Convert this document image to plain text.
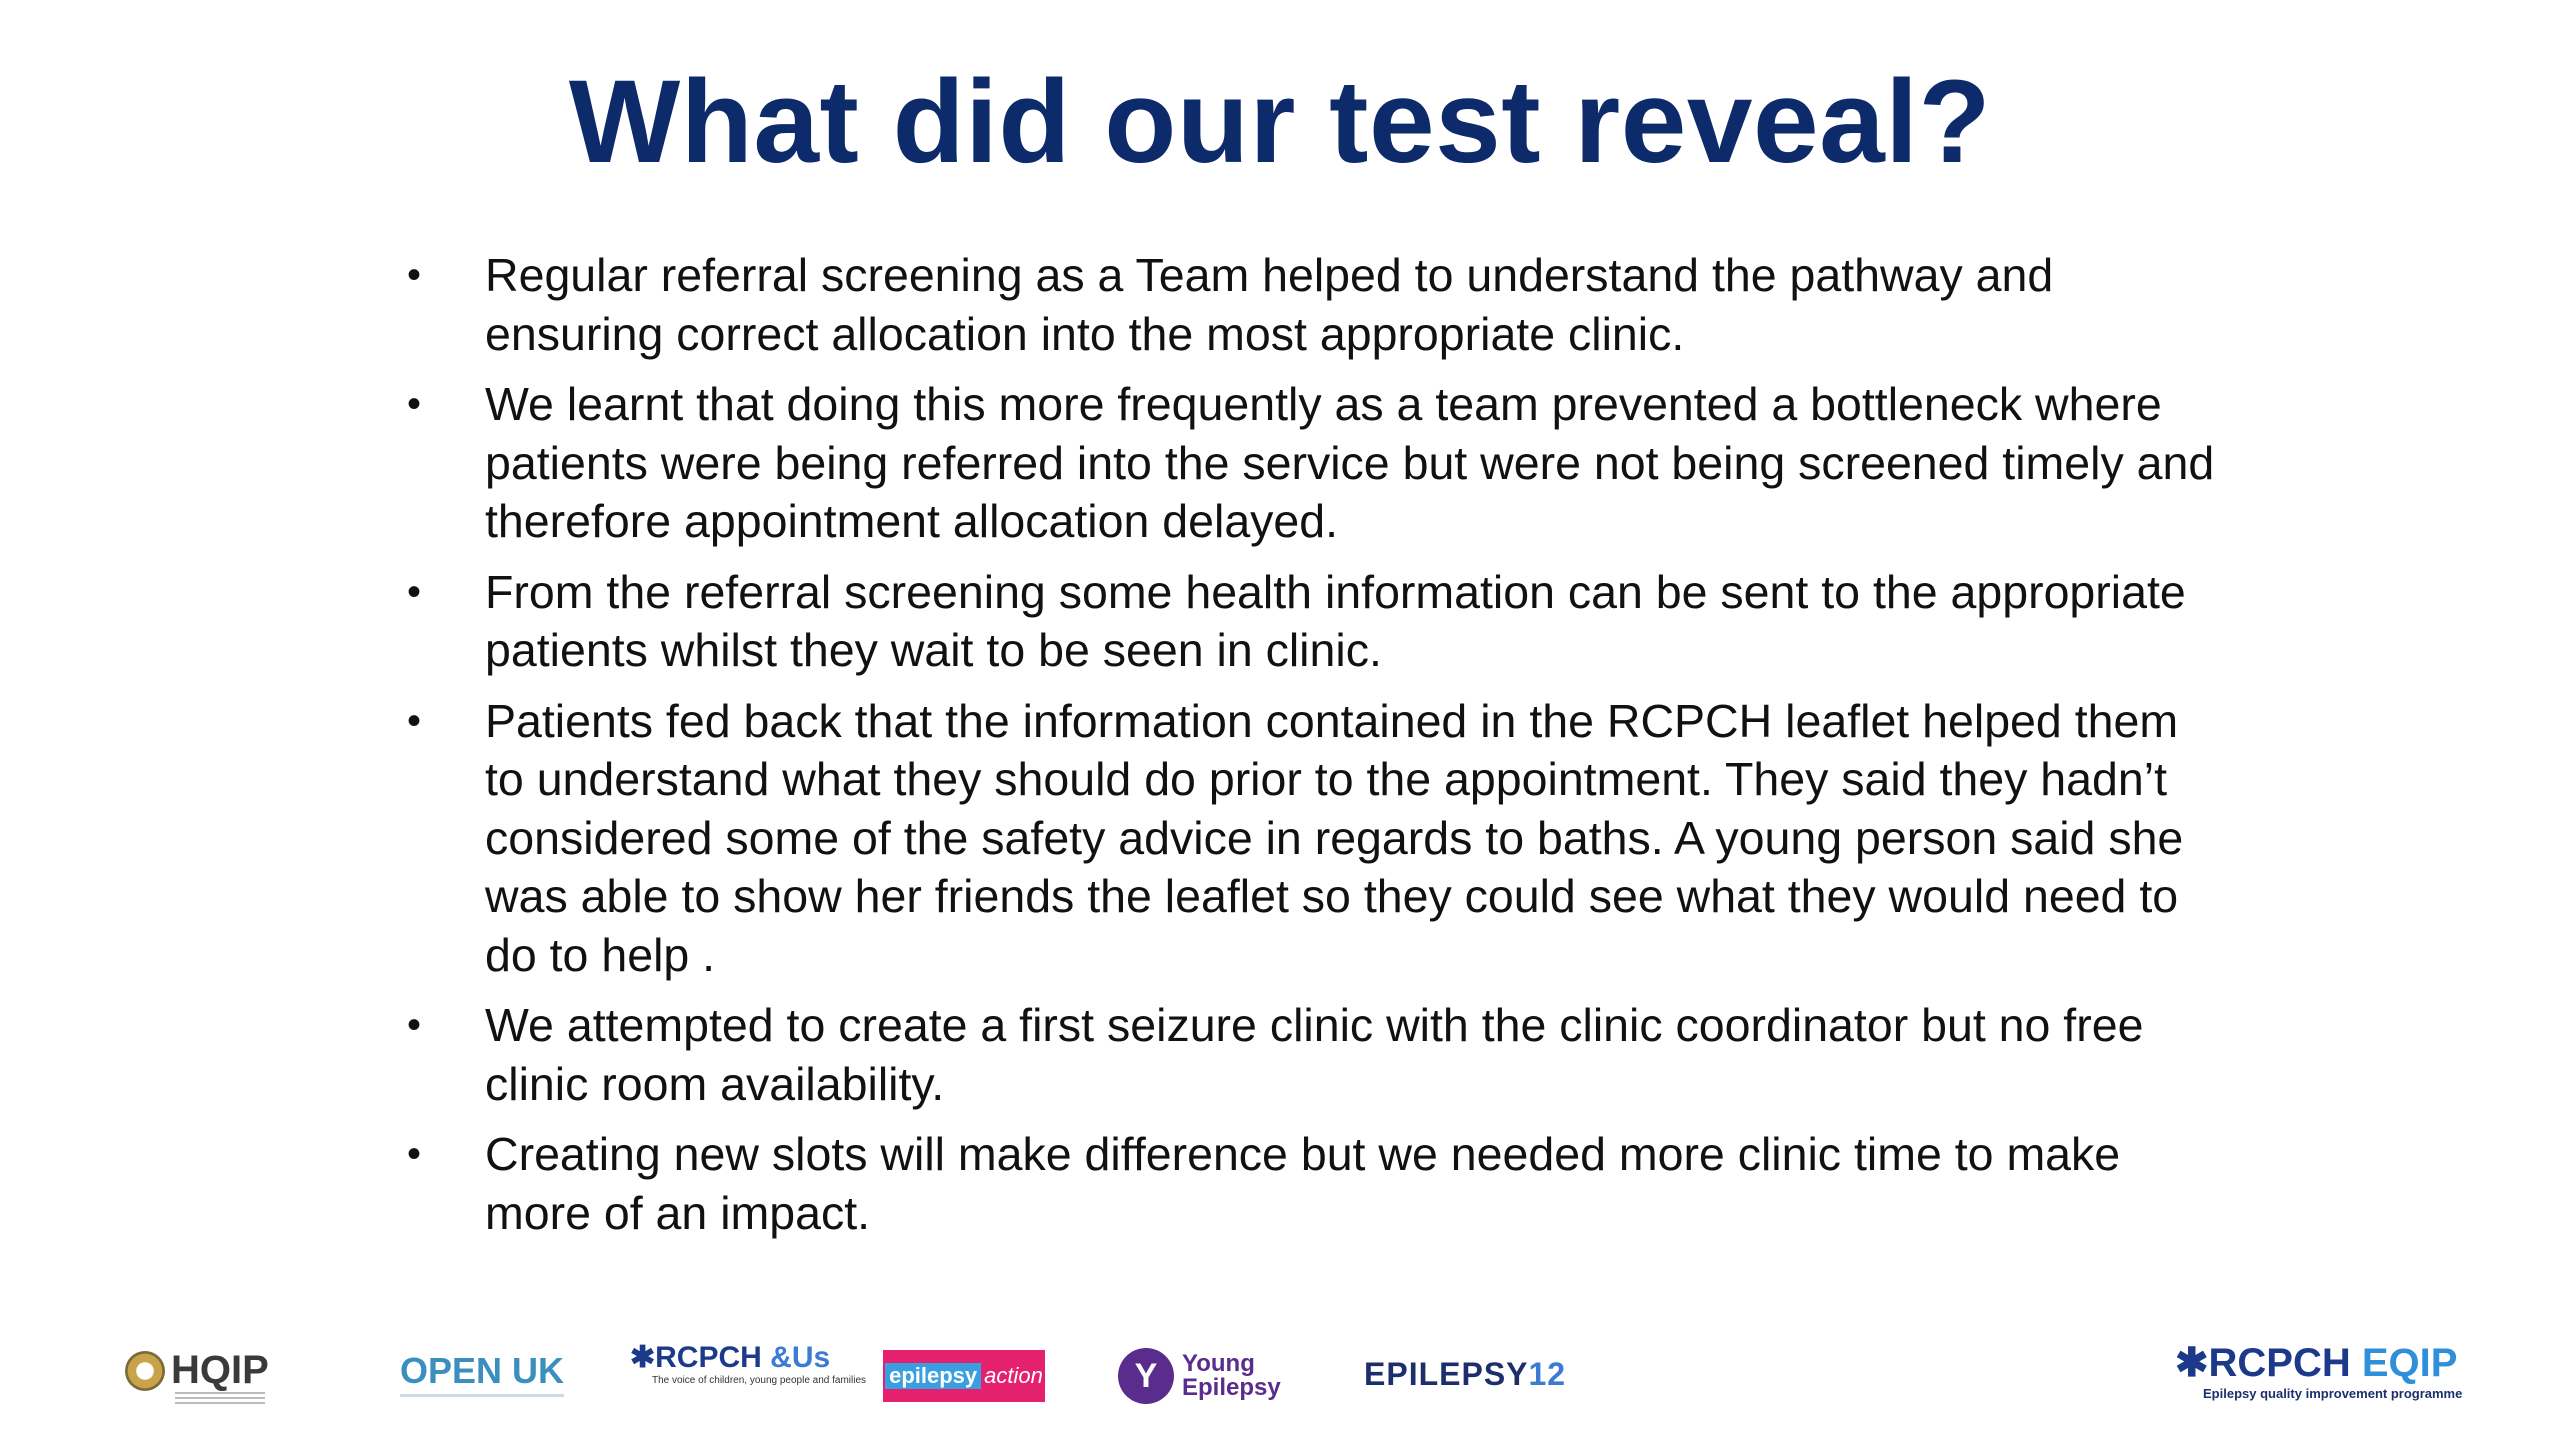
What did our test reveal?
• Regular referral screening as a Team helped to understand the pathway and ensuring correct allocation into the most appropriate clinic.
• We learnt that doing this more frequently as a team prevented a bottleneck where patients were being referred into the service but were not being screened timely and therefore appointment allocation delayed.
• From the referral screening some health information can be sent to the appropriate patients whilst they wait to be seen in clinic.
• Patients fed back that the information contained in the RCPCH leaflet helped them to understand what they should do prior to the appointment. They said they hadn’t considered some of the safety advice in regards to baths. A young person said she was able to show her friends the leaflet so they could see what they would need to do to help .
• We attempted to create a first seizure clinic with the clinic coordinator but no free clinic room availability.
• Creating new slots will make difference but we needed more clinic time to make more of an impact.
HQIP	OPEN UK ✱RCPCH &Us
The voice of children, young people and families epilepsy action	Y	Young
Epilepsy	EPILEPSY 12	✱RCPCH EQIP
Epilepsy quality improvement programme
